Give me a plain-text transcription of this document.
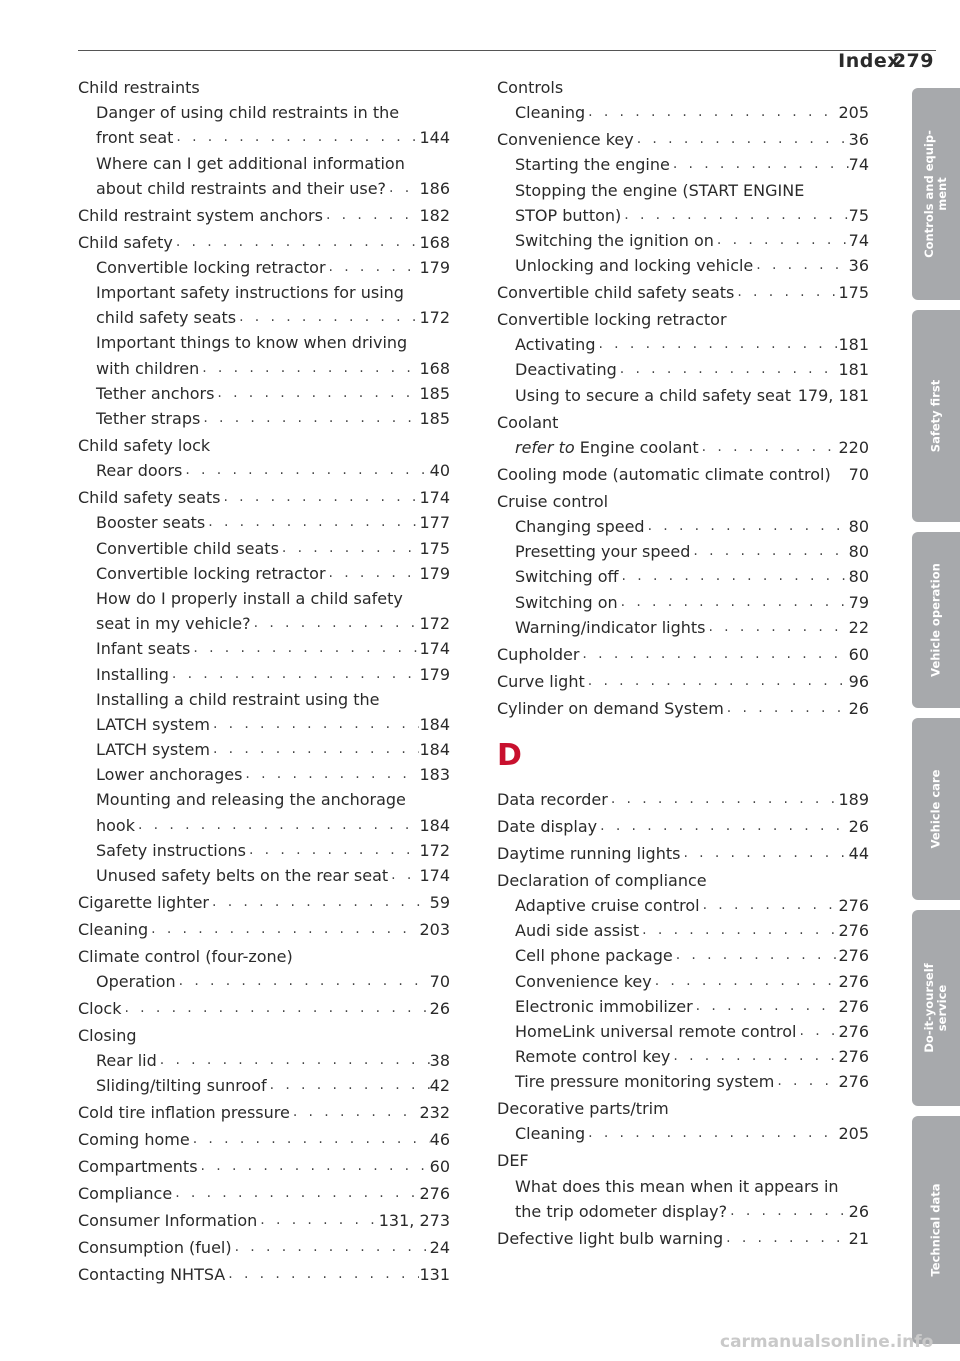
Index
279
Child restraints
Danger of using child restraints in the
front seat . . .	144
Where can I get additional information
about child restraints and their use? . . . 186
Child restraint system anchors . . .	182
Child safety . . .	168
Convertible locking retractor . . .	179
Important safety instructions for using
child safety seats . . .	172
Important things to know when driving
with children . . .	168
Tether anchors . . .	185
Tether straps . . .	185
Child safety lock
Rear doors . . .	40
Child safety seats . . .	174
Booster seats . . .	177
Convertible child seats . . .	175
Convertible locking retractor . . .	179
How do I properly install a child safety
seat in my vehicle? . . .	172
Infant seats . . .	174
Installing . . .	179
Installing a child restraint using the
LATCH system . . .	184
LATCH system . . .	184
Lower anchorages . . .	183
Mounting and releasing the anchorage
hook . . .	184
Safety instructions . . .	172
Unused safety belts on the rear seat . . . 174
Cigarette lighter . . .	59
Cleaning . . .	203
Climate control (four-zone)
Operation . . .	70
Clock . . .	26
Closing
Rear lid . . .	38
Sliding/tilting sunroof . . .	42
Cold tire inflation pressure . . .	232
Coming home . . .	46
Compartments . . .	60
Compliance . . .	276
Consumer Information . . .	131, 273
Consumption (fuel) . . .	24
Contacting NHTSA . . .	131
Controls
Cleaning . . .	205
Convenience key . . .	36
Starting the engine . . .	74
Stopping the engine (START ENGINE
STOP button) . . .	75
Switching the ignition on . . .	74
Unlocking and locking vehicle . . .	36
Convertible child safety seats . . .	175
Convertible locking retractor
Activating . . .	181
Deactivating . . .	181
Using to secure a child safety seat 179, 181
Coolant
refer to Engine coolant . . .	220
Cooling mode (automatic climate control) 70
Cruise control
Changing speed . . .	80
Presetting your speed . . .	80
Switching off . . .	80
Switching on . . .	79
Warning/indicator lights . . .	22
Cupholder . . .	60
Curve light . . .	96
Cylinder on demand System . . .	26
D
Data recorder . . .	189
Date display . . .	26
Daytime running lights . . .	44
Declaration of compliance
Adaptive cruise control . . .	276
Audi side assist . . .	276
Cell phone package . . .	276
Convenience key . . .	276
Electronic immobilizer . . .	276
HomeLink universal remote control . . .	276
Remote control key . . .	276
Tire pressure monitoring system . . .	276
Decorative parts/trim
Cleaning . . .	205
DEF
What does this mean when it appears in
the trip odometer display? . . .	26
Defective light bulb warning . . .	21
Controls and equip-
ment
Safety first
Vehicle operation
Vehicle care
Do-it-yourself
service
Technical data
carmanualsonline.info
